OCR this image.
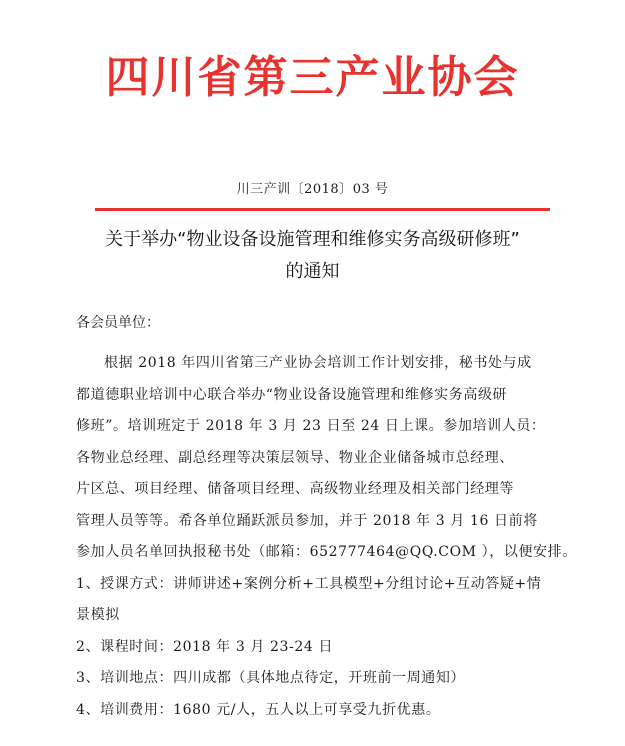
四川省第三产业协会
川三产训〔2018〕03 号
关于举办“物业设备设施管理和维修实务高级研修班”
的通知
各会员单位：
根据 2018 年四川省第三产业协会培训工作计划安排，秘书处与成
都道德职业培训中心联合举办“物业设备设施管理和维修实务高级研
修班”。培训班定于 2018 年 3 月 23 日至 24 日上课。参加培训人员：
各物业总经理、副总经理等决策层领导、物业企业储备城市总经理、
片区总、项目经理、储备项目经理、高级物业经理及相关部门经理等
管理人员等等。希各单位踊跃派员参加，并于 2018 年 3 月 16 日前将
参加人员名单回执报秘书处（邮箱：652777464@QQ.COM ），以便安排。
1、授课方式：讲师讲述+案例分析+工具模型+分组讨论+互动答疑+情
景模拟
2、课程时间：2018 年 3 月 23-24 日
3、培训地点：四川成都（具体地点待定，开班前一周通知）
4、培训费用：1680 元/人，五人以上可享受九折优惠。
